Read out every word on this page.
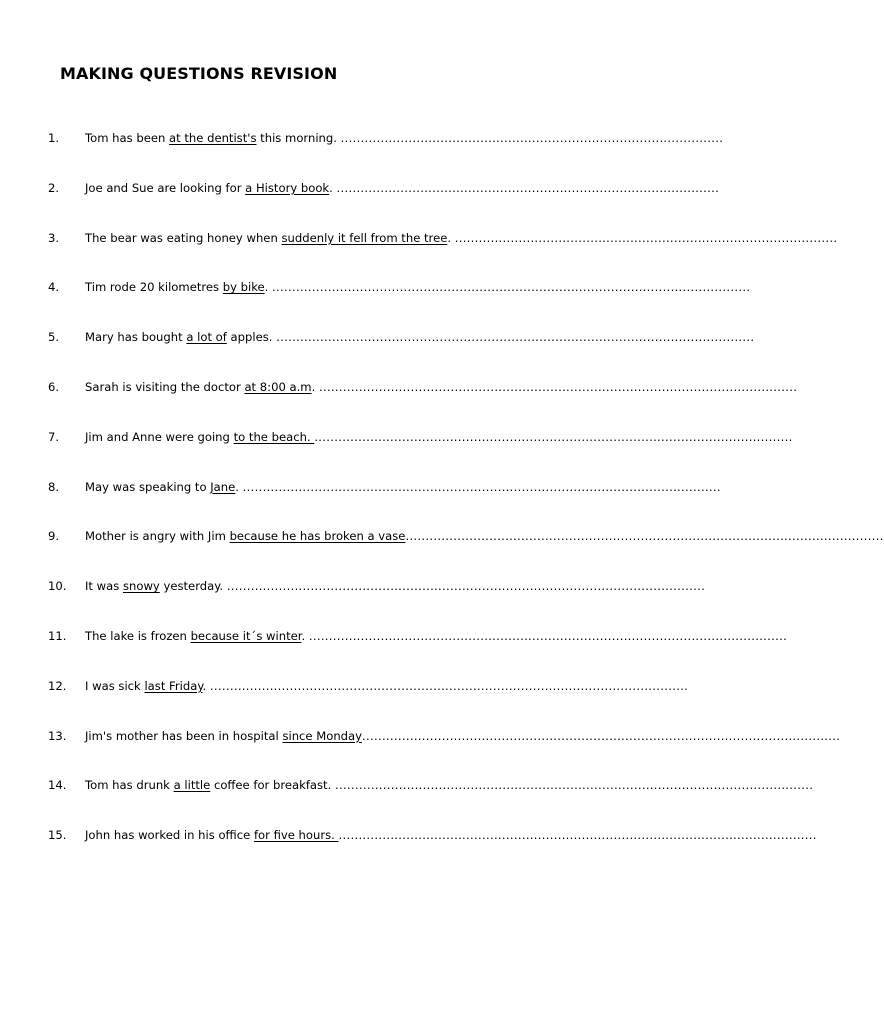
MAKING QUESTIONS REVISION
1. Tom has been at the dentist's this morning. ................................................................................................
2. Joe and Sue are looking for a History book. ................................................................................................
3. The bear was eating honey when suddenly it fell from the tree. ................................................................................................
4. Tim rode 20 kilometres by bike. ........................................................................................................................
5. Mary has bought a lot of apples. ........................................................................................................................
6. Sarah is visiting the doctor at 8:00 a.m. ........................................................................................................................
7. Jim and Anne were going to the beach. ........................................................................................................................
8. May was speaking to Jane. ........................................................................................................................
9. Mother is angry with Jim because he has broken a vase........................................................................................................................
10. It was snowy yesterday. ........................................................................................................................
11. The lake is frozen because it´s winter. ........................................................................................................................
12. I was sick last Friday. ........................................................................................................................
13. Jim's mother has been in hospital since Monday........................................................................................................................
14. Tom has drunk a little coffee for breakfast. ........................................................................................................................
15. John has worked in his office for five hours. ........................................................................................................................
